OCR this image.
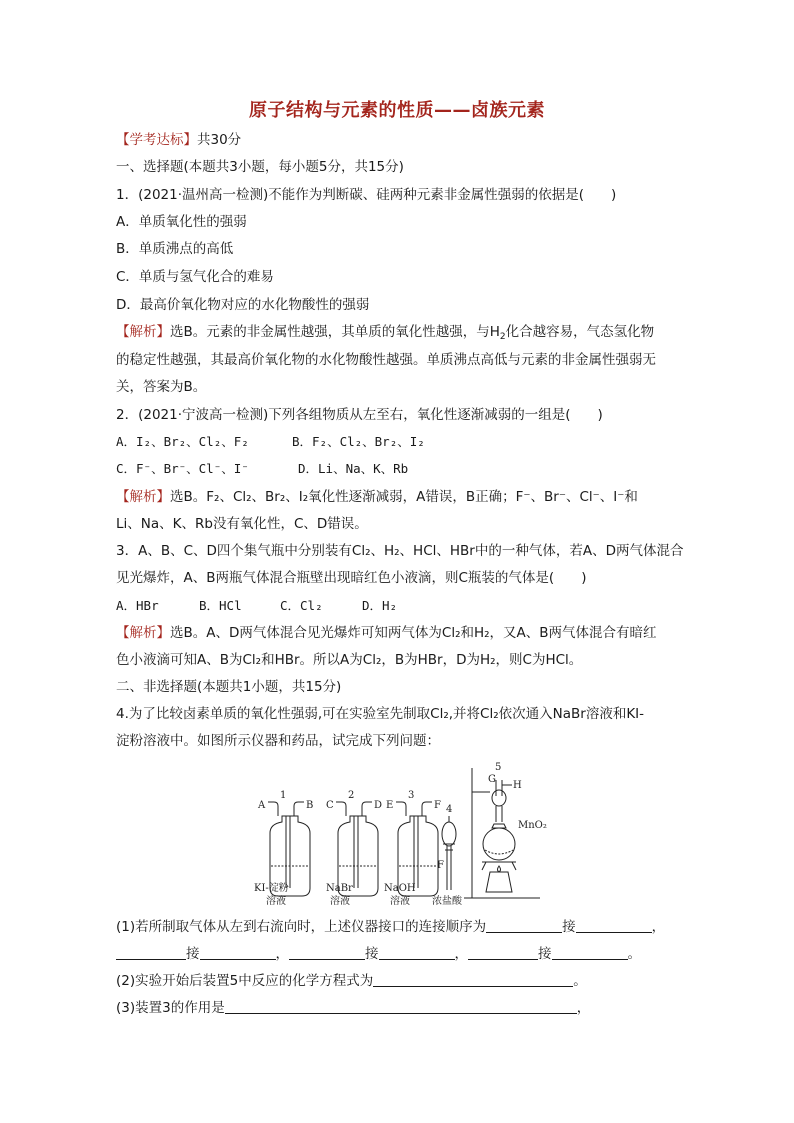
原子结构与元素的性质——卤族元素
【学考达标】共30分
一、选择题(本题共3小题，每小题5分，共15分)
1．(2021·温州高一检测)不能作为判断碳、硅两种元素非金属性强弱的依据是(　　)
A．单质氧化性的强弱
B．单质沸点的高低
C．单质与氢气化合的难易
D．最高价氧化物对应的水化物酸性的强弱
【解析】选B。元素的非金属性越强，其单质的氧化性越强，与$H_2$化合越容易，气态氢化物
的稳定性越强，其最高价氧化物的水化物酸性越强。单质沸点高低与元素的非金属性强弱无
关，答案为B。
2．(2021·宁波高一检测)下列各组物质从左至右，氧化性逐渐减弱的一组是(　　)
A．I₂、Br₂、Cl₂、F₂	B．F₂、Cl₂、Br₂、I₂
C．F⁻、Br⁻、Cl⁻、I⁻	D．Li、Na、K、Rb
【解析】选B。F₂、Cl₂、Br₂、I₂氧化性逐渐减弱，A错误，B正确；F⁻、Br⁻、Cl⁻、I⁻和
Li、Na、K、Rb没有氧化性，C、D错误。
3．A、B、C、D四个集气瓶中分别装有Cl₂、H₂、HCl、HBr中的一种气体，若A、D两气体混合
见光爆炸，A、B两瓶气体混合瓶壁出现暗红色小液滴，则C瓶装的气体是(　　)
A．HBr	B．HCl	C．Cl₂	D．H₂
【解析】选B。A、D两气体混合见光爆炸可知两气体为Cl₂和H₂，又A、B两气体混合有暗红
色小液滴可知A、B为Cl₂和HBr。所以A为Cl₂，B为HBr，D为H₂，则C为HCl。
二、非选择题(本题共1小题，共15分)
4.为了比较卤素单质的氧化性强弱,可在实验室先制取Cl₂,并将Cl₂依次通入NaBr溶液和KI-
淀粉溶液中。如图所示仪器和药品，试完成下列问题：
1
A	B
2
C	D
3
E	F 4
F
5
G
H
MnO₂
KI-淀粉
溶液
NaBr
溶液
NaOH
溶液 浓盐酸
(1)若所制取气体从左到右流向时，上述仪器接口的连接顺序为	接	，
接	，	接	，	接	。
(2)实验开始后装置5中反应的化学方程式为	。
(3)装置3的作用是	，
